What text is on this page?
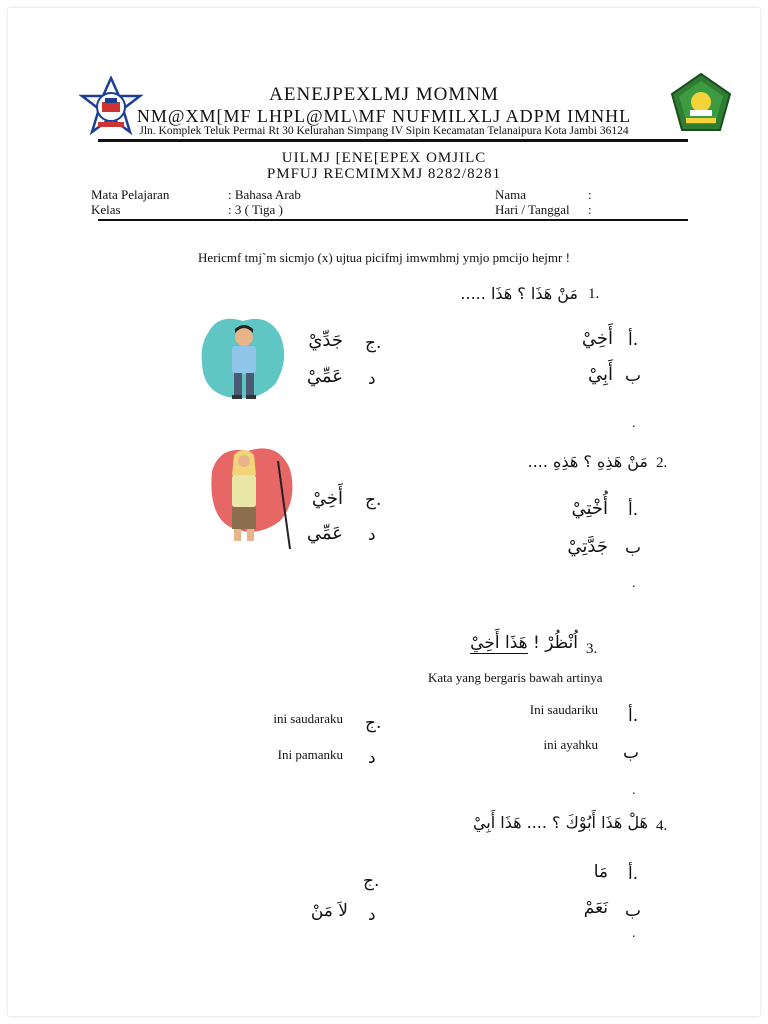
AENEJPEXLMJ MOMNM
NM@XM[MF LHPL@ML\MF NUFMILXLJ ADPM IMNHL
Jln. Komplek Teluk Permai Rt 30 Kelurahan Simpang IV Sipin Kecamatan Telanaipura Kota Jambi 36124
UILMJ [ENE[EPEX OMJILC
PMFUJ RECMIMXMJ 8282/8281
Mata Pelajaran	: Bahasa Arab
Kelas	: 3 ( Tiga )
Nama	:
Hari / Tanggal :
Hericmf tmj`m sicmjo (x) ujtua picifmj imwmhmj ymjo pmcijo hejmr !
1.
مَنْ هَذَا ؟ هَذَا .....
أ.
أَخِيْ
ب
أَبِيْ
ج.
جَدِّيْ
د
عَمِّيْ
.
2.
مَنْ هَذِهِ ؟ هَذِهِ ....
أ.
أُخْتِيْ
ب
جَدَّتِيْ
ج.
أَخِيْ
د
عَمِّي
.
3.
اُنْظُرْ ! هَذَا أَخِيْ
Kata yang bergaris bawah artinya
أ.
Ini saudariku
ب
ini ayahku
ج.
ini saudaraku
د
Ini pamanku
.
4.
هَلْ هَذَا أَبُوْكَ ؟ .... هَذَا أَبِيْ
أ.
مَا
ب
نَعَمْ
ج.
د
لاَ مَنْ
.
